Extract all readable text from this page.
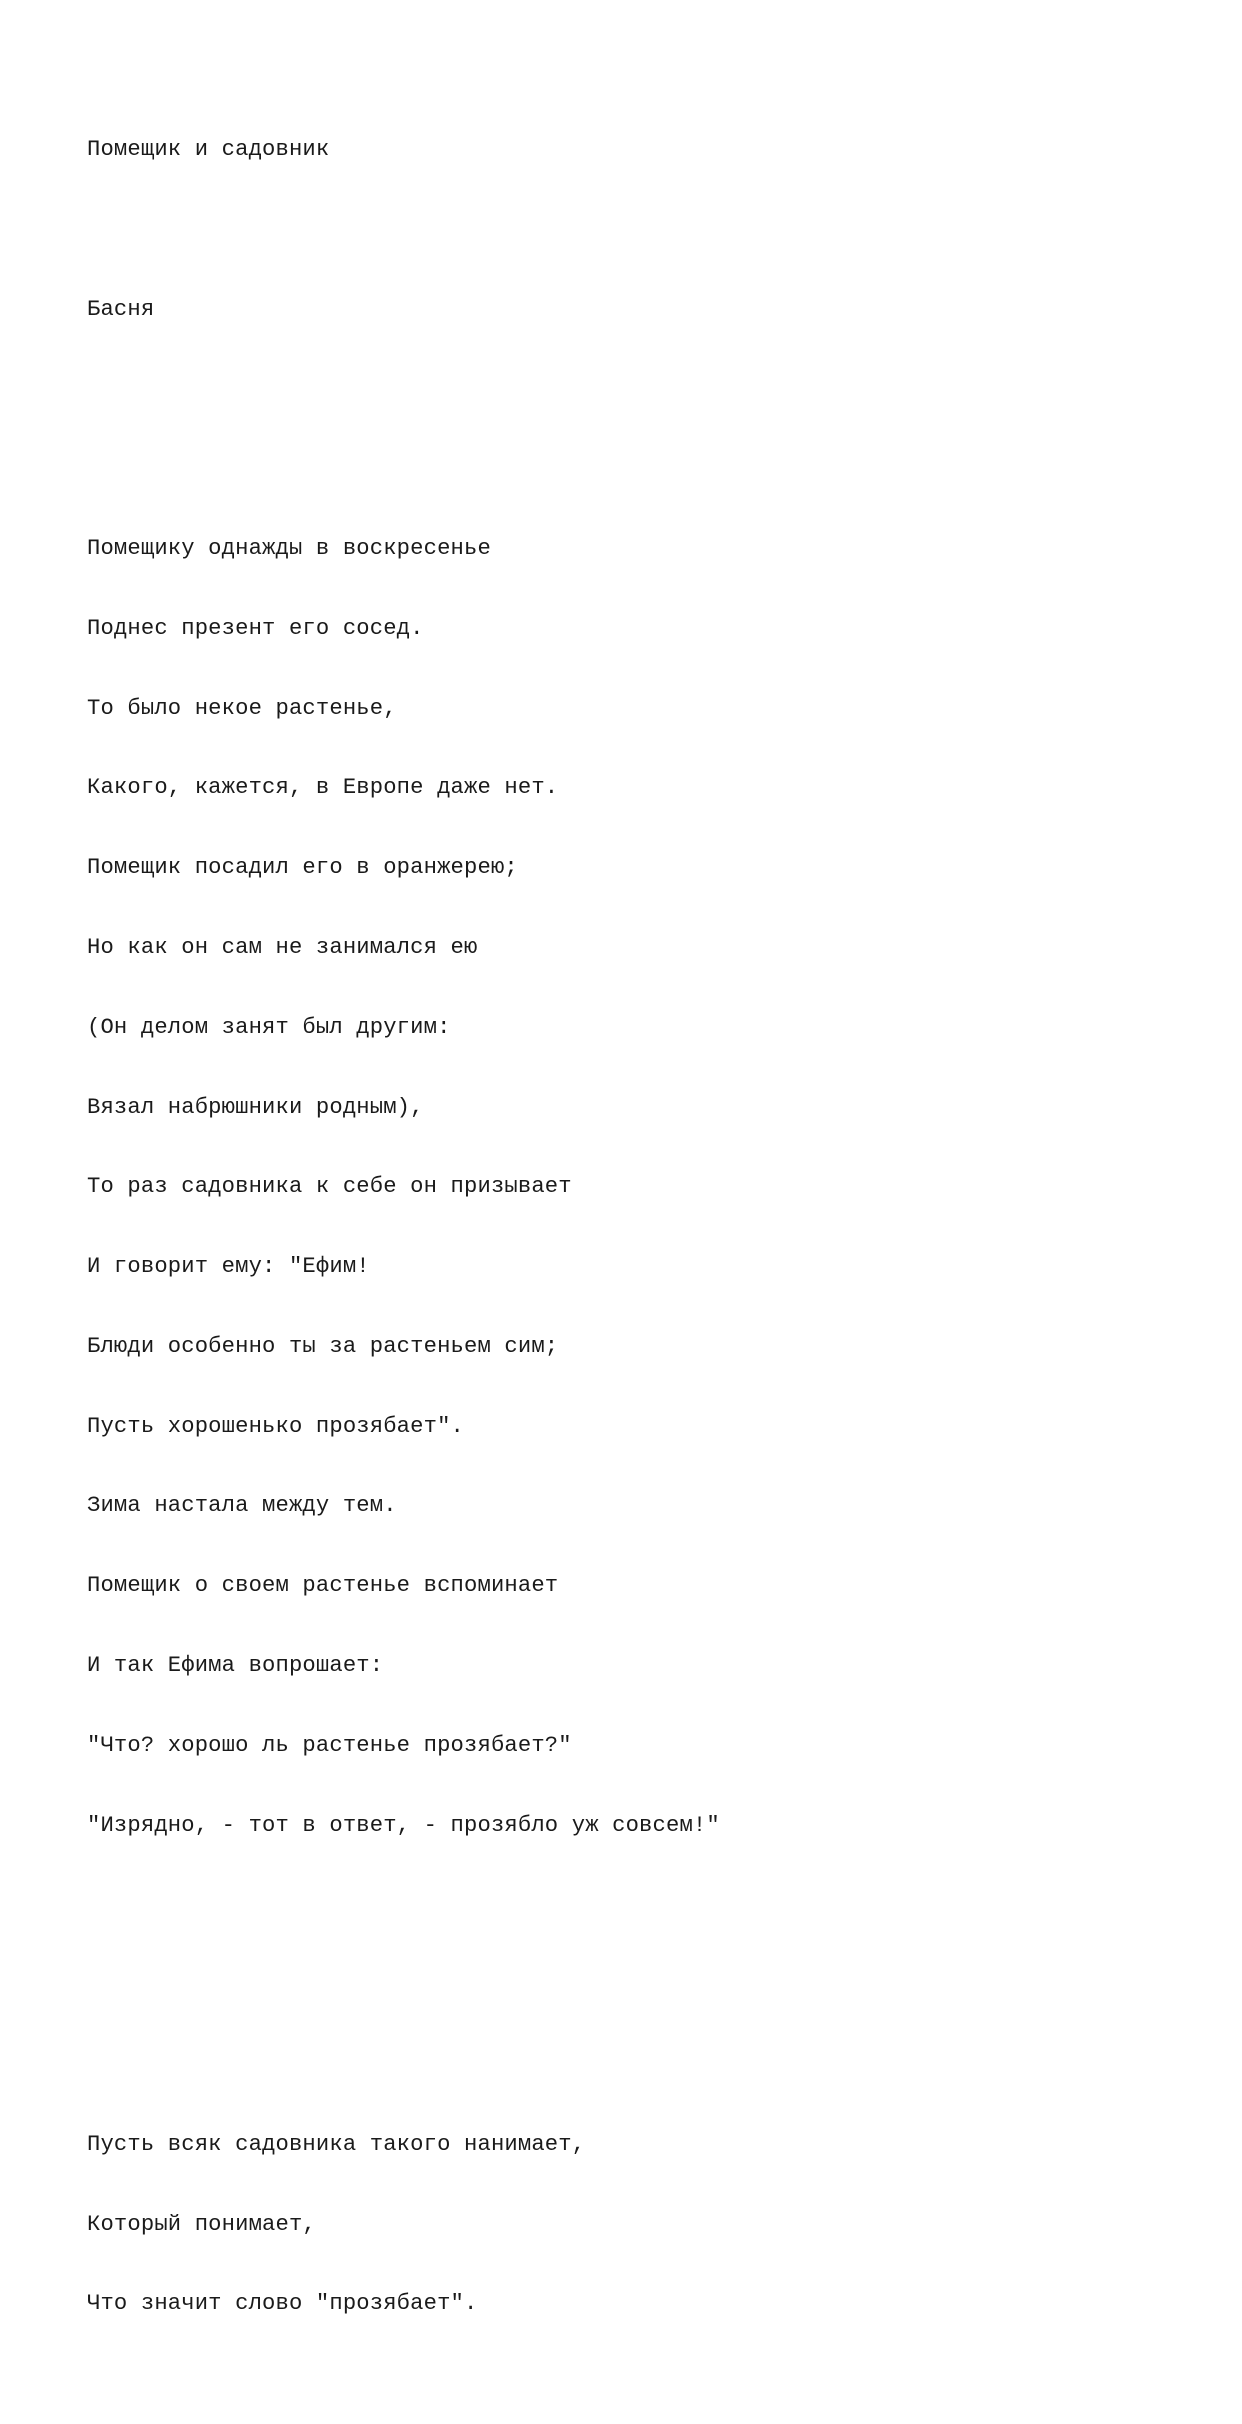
Помещик и садовник

Басня

Помещику однажды в воскресенье

Поднес презент его сосед.

То было некое растенье,

Какого, кажется, в Европе даже нет.

Помещик посадил его в оранжерею;

Но как он сам не занимался ею

(Он делом занят был другим:

Вязал набрюшники родным),

То раз садовника к себе он призывает

И говорит ему: "Ефим!

Блюди особенно ты за растеньем сим;

Пусть хорошенько прозябает".

Зима настала между тем.

Помещик о своем растенье вспоминает

И так Ефима вопрошает:

"Что? хорошо ль растенье прозябает?"

"Изрядно, - тот в ответ, - прозябло уж совсем!"

Пусть всяк садовника такого нанимает,

Который понимает,

Что значит слово "прозябает".
